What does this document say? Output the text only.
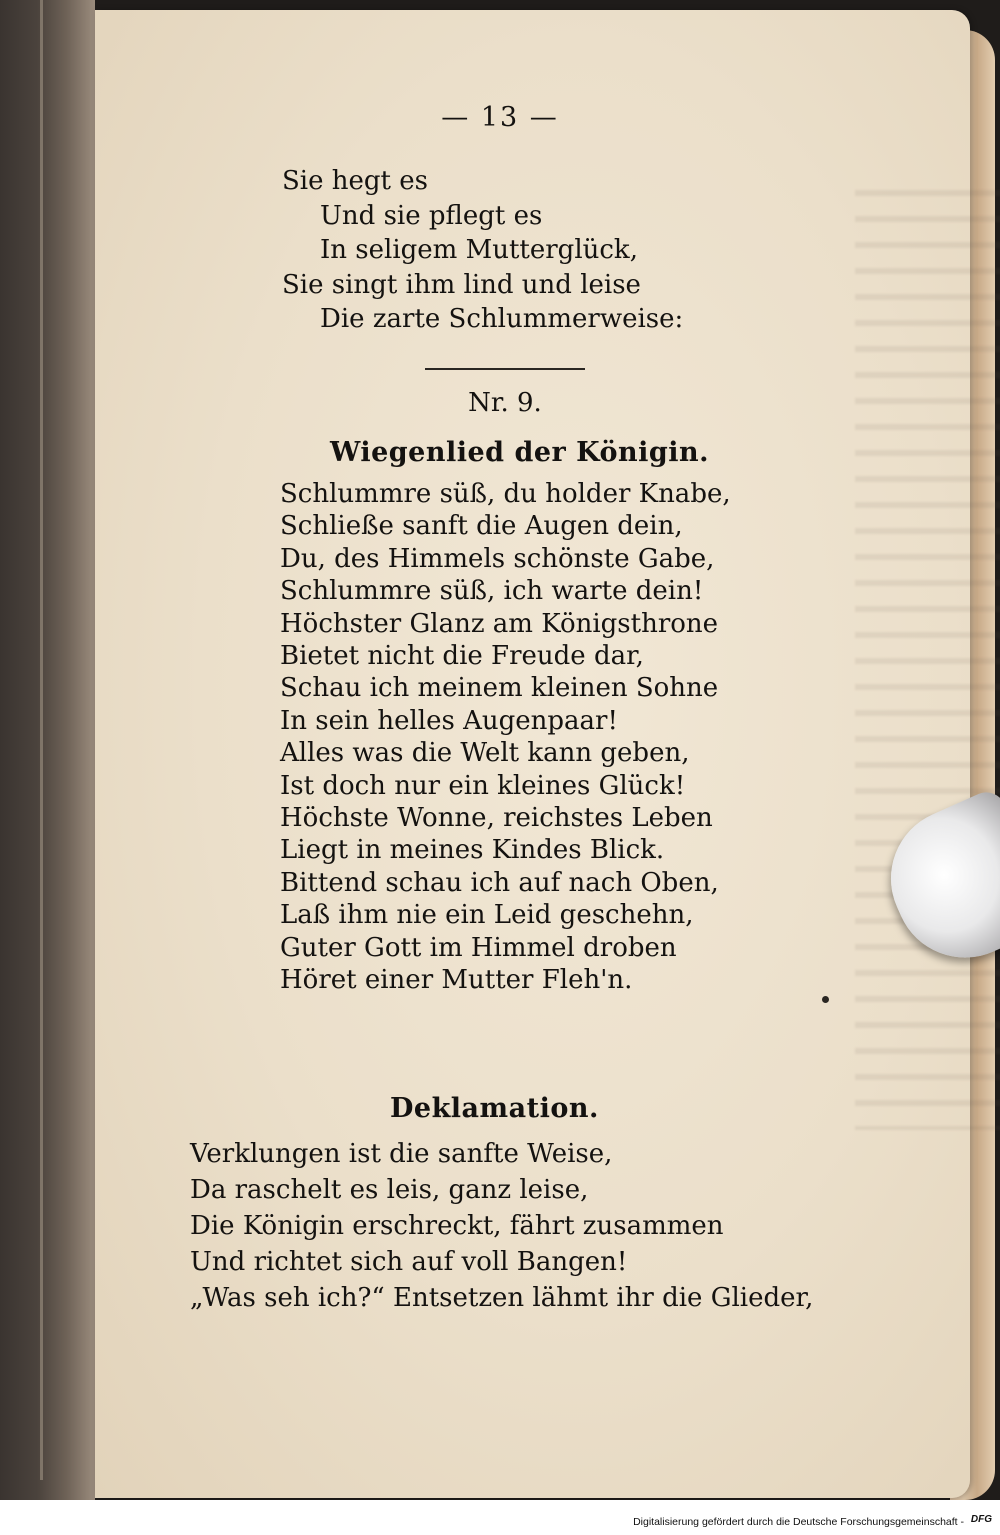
— 13 —
Sie hegt es
Und sie pflegt es
In seligem Mutterglück,
Sie singt ihm lind und leise
Die zarte Schlummerweise:
Nr. 9.
Wiegenlied der Königin.
Schlummre süß, du holder Knabe,
Schließe sanft die Augen dein,
Du, des Himmels schönste Gabe,
Schlummre süß, ich warte dein!
Höchster Glanz am Königsthrone
Bietet nicht die Freude dar,
Schau ich meinem kleinen Sohne
In sein helles Augenpaar!
Alles was die Welt kann geben,
Ist doch nur ein kleines Glück!
Höchste Wonne, reichstes Leben
Liegt in meines Kindes Blick.
Bittend schau ich auf nach Oben,
Laß ihm nie ein Leid geschehn,
Guter Gott im Himmel droben
Höret einer Mutter Fleh'n.
Deklamation.
Verklungen ist die sanfte Weise,
Da raschelt es leis, ganz leise,
Die Königin erschreckt, fährt zusammen
Und richtet sich auf voll Bangen!
„Was seh ich?“ Entsetzen lähmt ihr die Glieder,
Digitalisierung gefördert durch die Deutsche Forschungsgemeinschaft - DFG
